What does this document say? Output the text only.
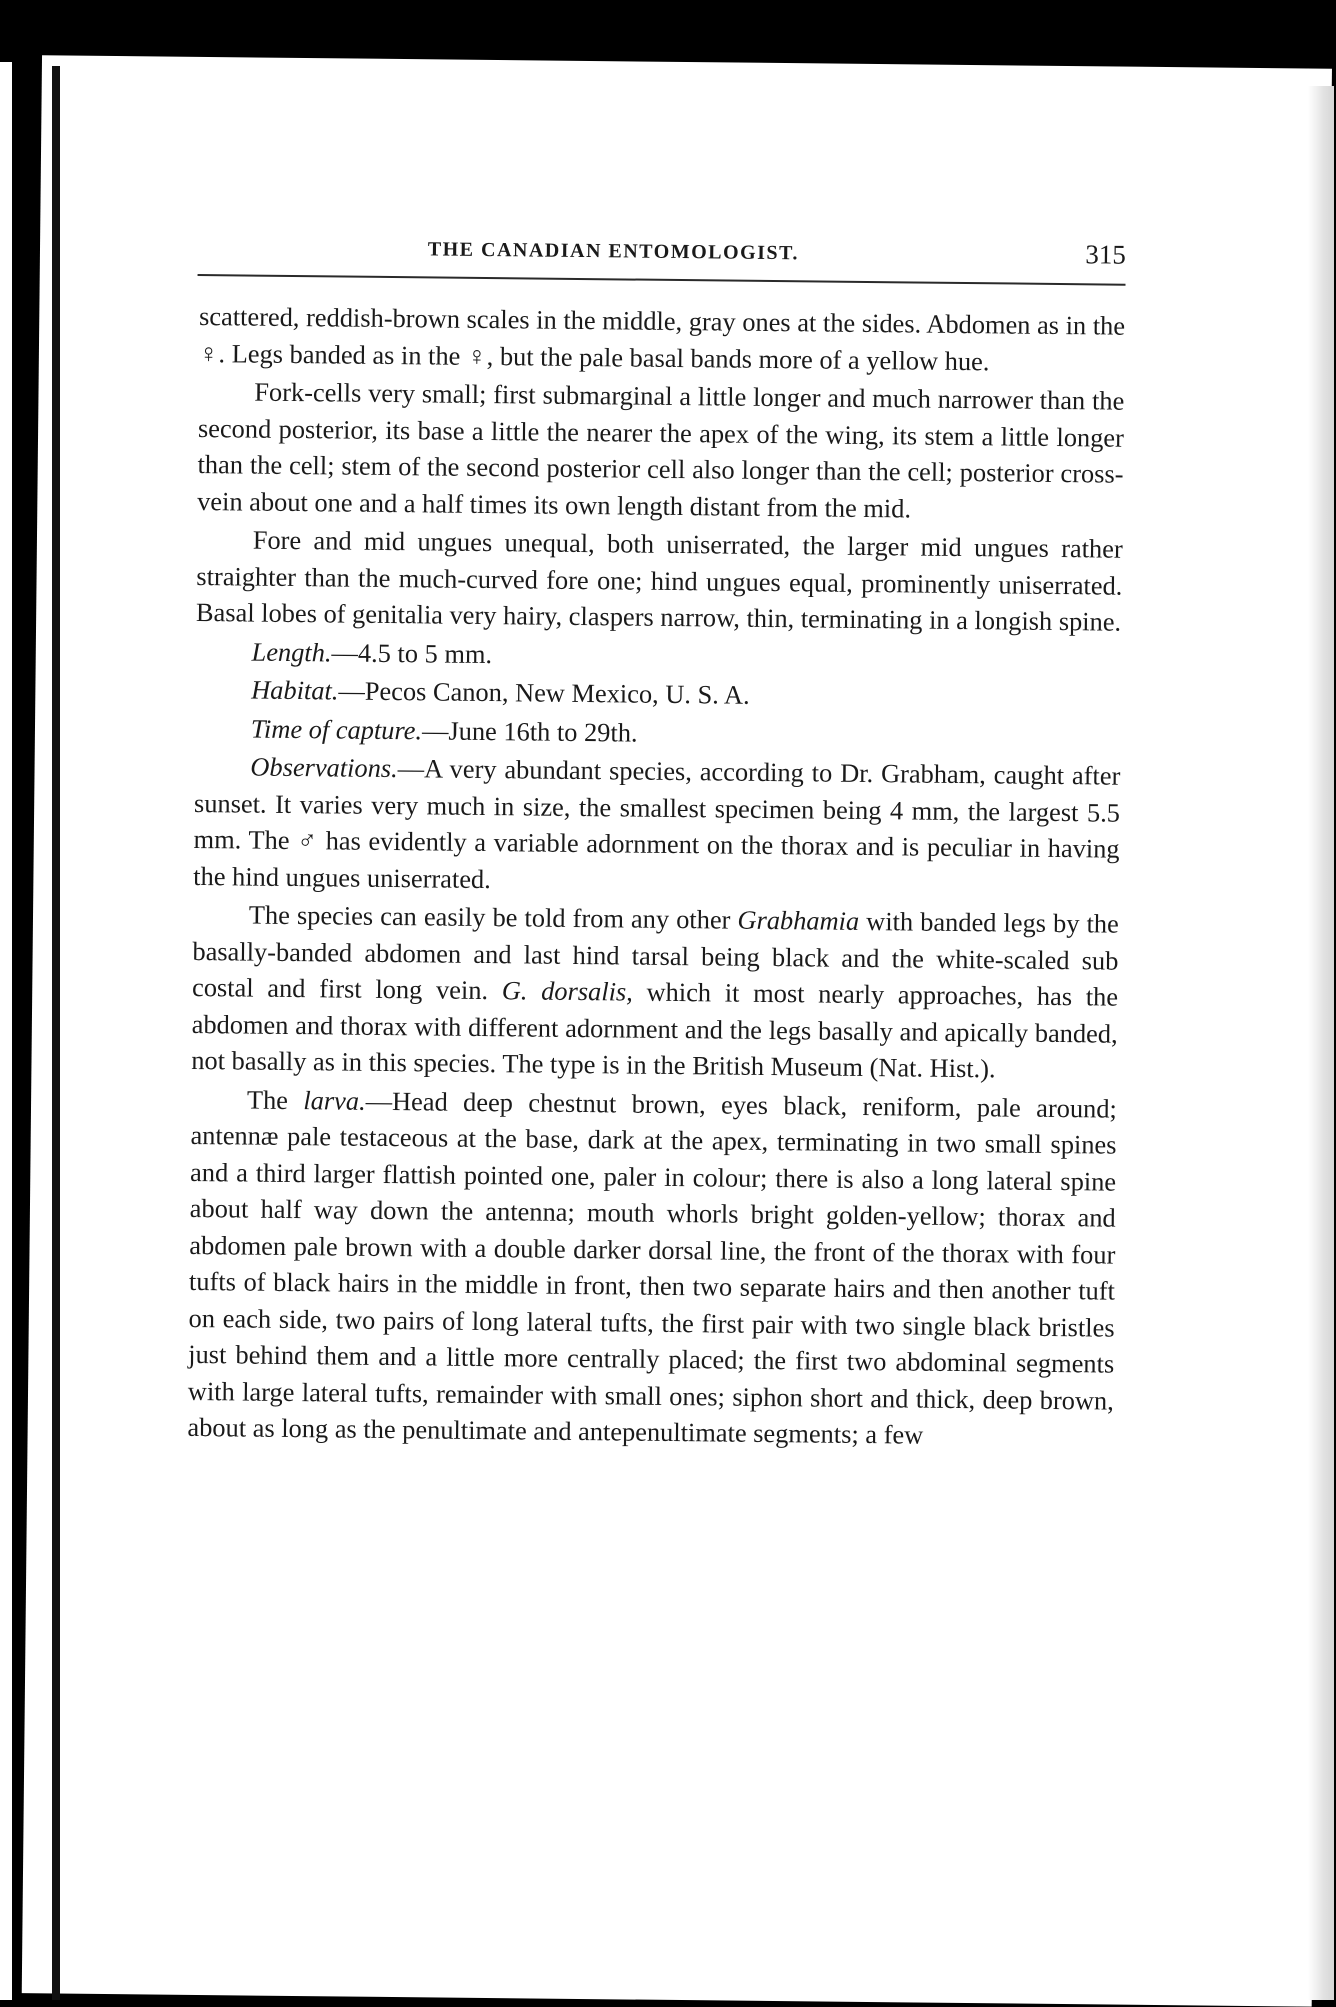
THE CANADIAN ENTOMOLOGIST.	315

scattered, reddish-brown scales in the middle, gray ones at the sides. Abdomen as in the ♀. Legs banded as in the ♀, but the pale basal bands more of a yellow hue.

Fork-cells very small; first submarginal a little longer and much narrower than the second posterior, its base a little the nearer the apex of the wing, its stem a little longer than the cell; stem of the second posterior cell also longer than the cell; posterior cross-vein about one and a half times its own length distant from the mid.

Fore and mid ungues unequal, both uniserrated, the larger mid ungues rather straighter than the much-curved fore one; hind ungues equal, prominently uniserrated. Basal lobes of genitalia very hairy, claspers narrow, thin, terminating in a longish spine.

Length.—4.5 to 5 mm.

Habitat.—Pecos Canon, New Mexico, U. S. A.

Time of capture.—June 16th to 29th.

Observations.—A very abundant species, according to Dr. Grabham, caught after sunset. It varies very much in size, the smallest specimen being 4 mm, the largest 5.5 mm. The ♂ has evidently a variable adornment on the thorax and is peculiar in having the hind ungues uniserrated.

The species can easily be told from any other Grabhamia with banded legs by the basally-banded abdomen and last hind tarsal being black and the white-scaled sub costal and first long vein. G. dorsalis, which it most nearly approaches, has the abdomen and thorax with different adornment and the legs basally and apically banded, not basally as in this species. The type is in the British Museum (Nat. Hist.).

The larva.—Head deep chestnut brown, eyes black, reniform, pale around; antennæ pale testaceous at the base, dark at the apex, terminating in two small spines and a third larger flattish pointed one, paler in colour; there is also a long lateral spine about half way down the antenna; mouth whorls bright golden-yellow; thorax and abdomen pale brown with a double darker dorsal line, the front of the thorax with four tufts of black hairs in the middle in front, then two separate hairs and then another tuft on each side, two pairs of long lateral tufts, the first pair with two single black bristles just behind them and a little more centrally placed; the first two abdominal segments with large lateral tufts, remainder with small ones; siphon short and thick, deep brown, about as long as the penultimate and antepenultimate segments; a few
